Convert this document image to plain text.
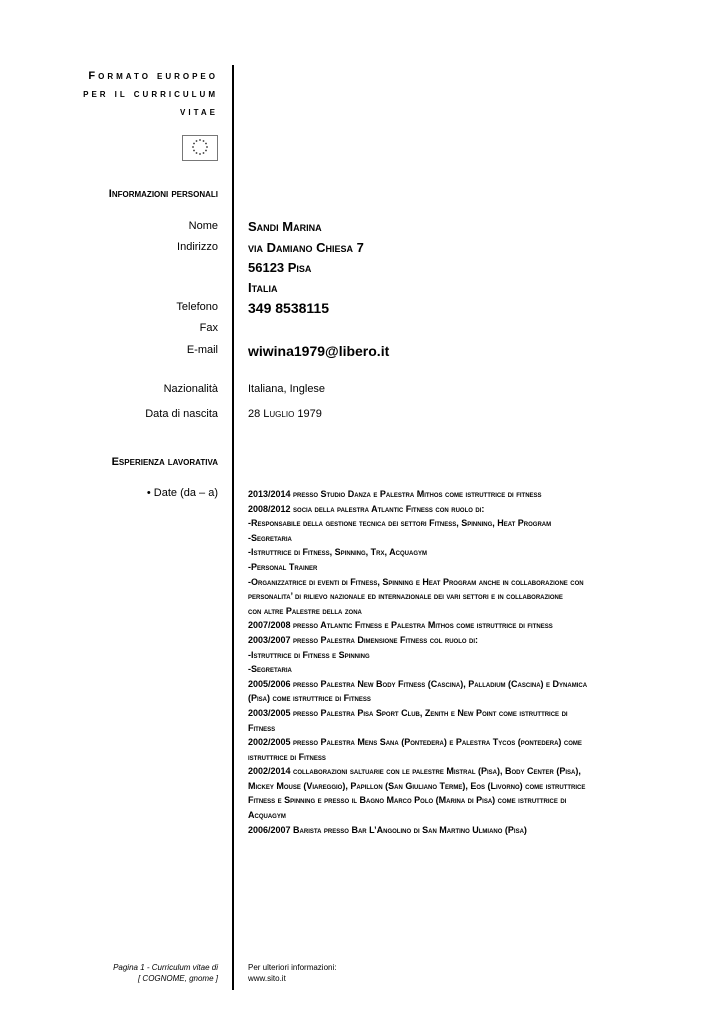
Formato europeo
per il curriculum
vitae
Informazioni personali
Nome Sandi Marina
Indirizzo via Damiano Chiesa 7
56123 Pisa
Italia
Telefono 349 8538115
Fax
E-mail wiwina1979@libero.it
Nazionalità	Italiana, Inglese
Data di nascita	28 Luglio 1979
Esperienza lavorativa
• Date (da – a)	2013/2014 presso Studio Danza e Palestra Mithos come istruttrice di fitness
2008/2012 socia della palestra Atlantic Fitness con ruolo di:
-Responsabile della gestione tecnica dei settori Fitness, Spinning, Heat Program
-Segretaria
-Istruttrice di Fitness, Spinning, Trx, Acquagym
-Personal Trainer
-Organizzatrice di eventi di Fitness, Spinning e Heat Program anche in collaborazione con
personalita’ di rilievo nazionale ed internazionale dei vari settori e in collaborazione
con altre Palestre della zona
2007/2008 presso Atlantic Fitness e Palestra Mithos come istruttrice di fitness
2003/2007 presso Palestra Dimensione Fitness col ruolo di:
-Istruttrice di Fitness e Spinning
-Segretaria
2005/2006 presso Palestra New Body Fitness (Cascina), Palladium (Cascina) e Dynamica
(Pisa) come istruttrice di Fitness
2003/2005 presso Palestra Pisa Sport Club, Zenith e New Point come istruttrice di
Fitness
2002/2005 presso Palestra Mens Sana (Pontedera) e Palestra Tycos (pontedera) come
istruttrice di Fitness
2002/2014 collaborazioni saltuarie con le palestre Mistral (Pisa), Body Center (Pisa),
Mickey Mouse (Viareggio), Papillon (San Giuliano Terme), Eos (Livorno) come istruttrice
Fitness e Spinning e presso il Bagno Marco Polo (Marina di Pisa) come istruttrice di
Acquagym
2006/2007 Barista presso Bar L’Angolino di San Martino Ulmiano (Pisa)
Pagina 1 - Curriculum vitae di
[ COGNOME, gnome ]
Per ulteriori informazioni:
www.sito.it
